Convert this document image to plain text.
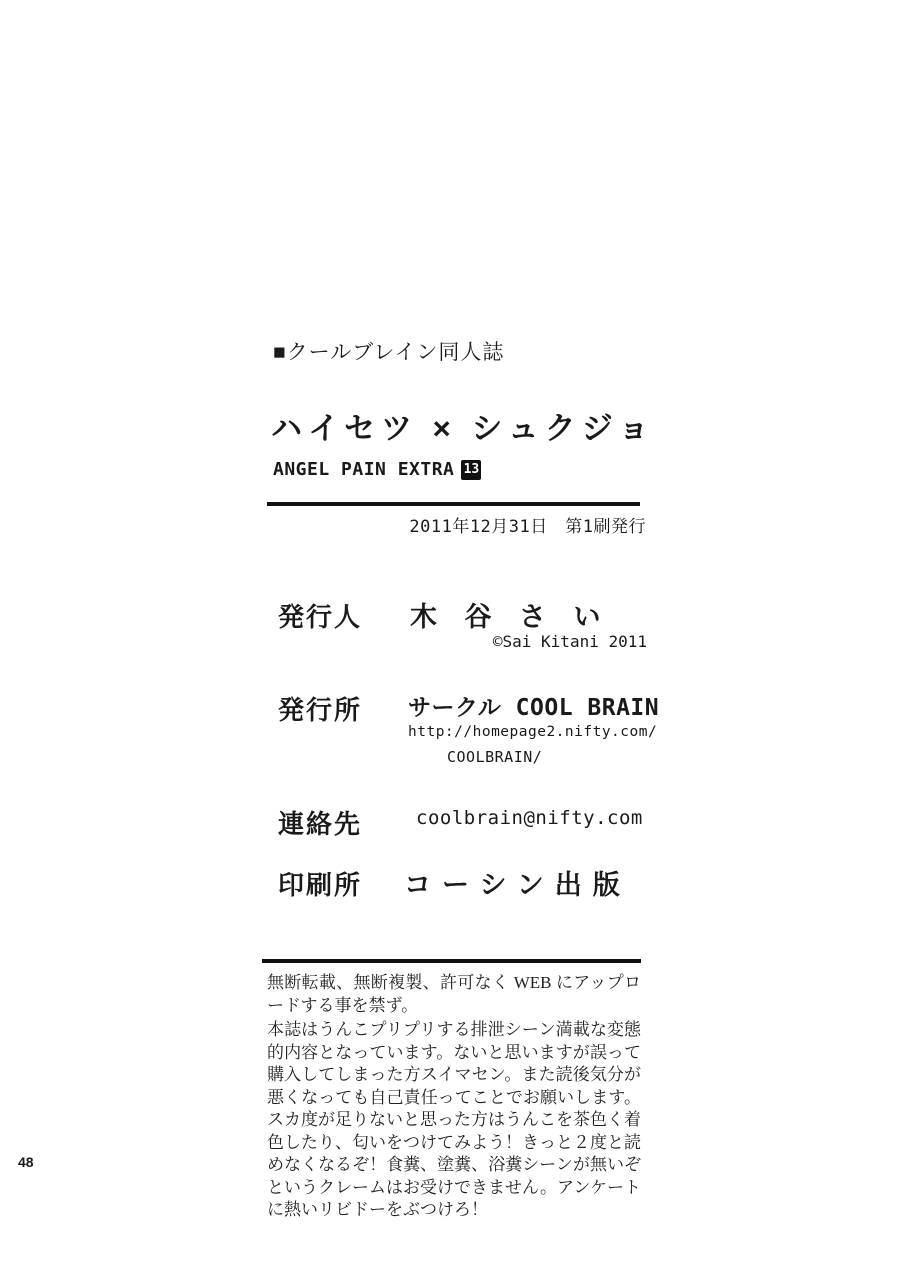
■クールブレイン同人誌
ハイセツ × シュクジョ
ANGEL PAIN EXTRA 13
2011年12月31日　第1刷発行
発行人 木 谷 さ い
©Sai Kitani 2011
発行所 サークル COOL BRAIN
http://homepage2.nifty.com/
COOLBRAIN/
連絡先	coolbrain@nifty.com
印刷所 コーシン出版

無断転載、無断複製、許可なく WEB にアップロードする事を禁ず。

本誌はうんこプリプリする排泄シーン満載な変態的内容となっています。ないと思いますが誤って購入してしまった方スイマセン。また読後気分が悪くなっても自己責任ってことでお願いします。スカ度が足りないと思った方はうんこを茶色く着色したり、匂いをつけてみよう！きっと２度と読めなくなるぞ！食糞、塗糞、浴糞シーンが無いぞというクレームはお受けできません。アンケートに熱いリビドーをぶつけろ！

48
